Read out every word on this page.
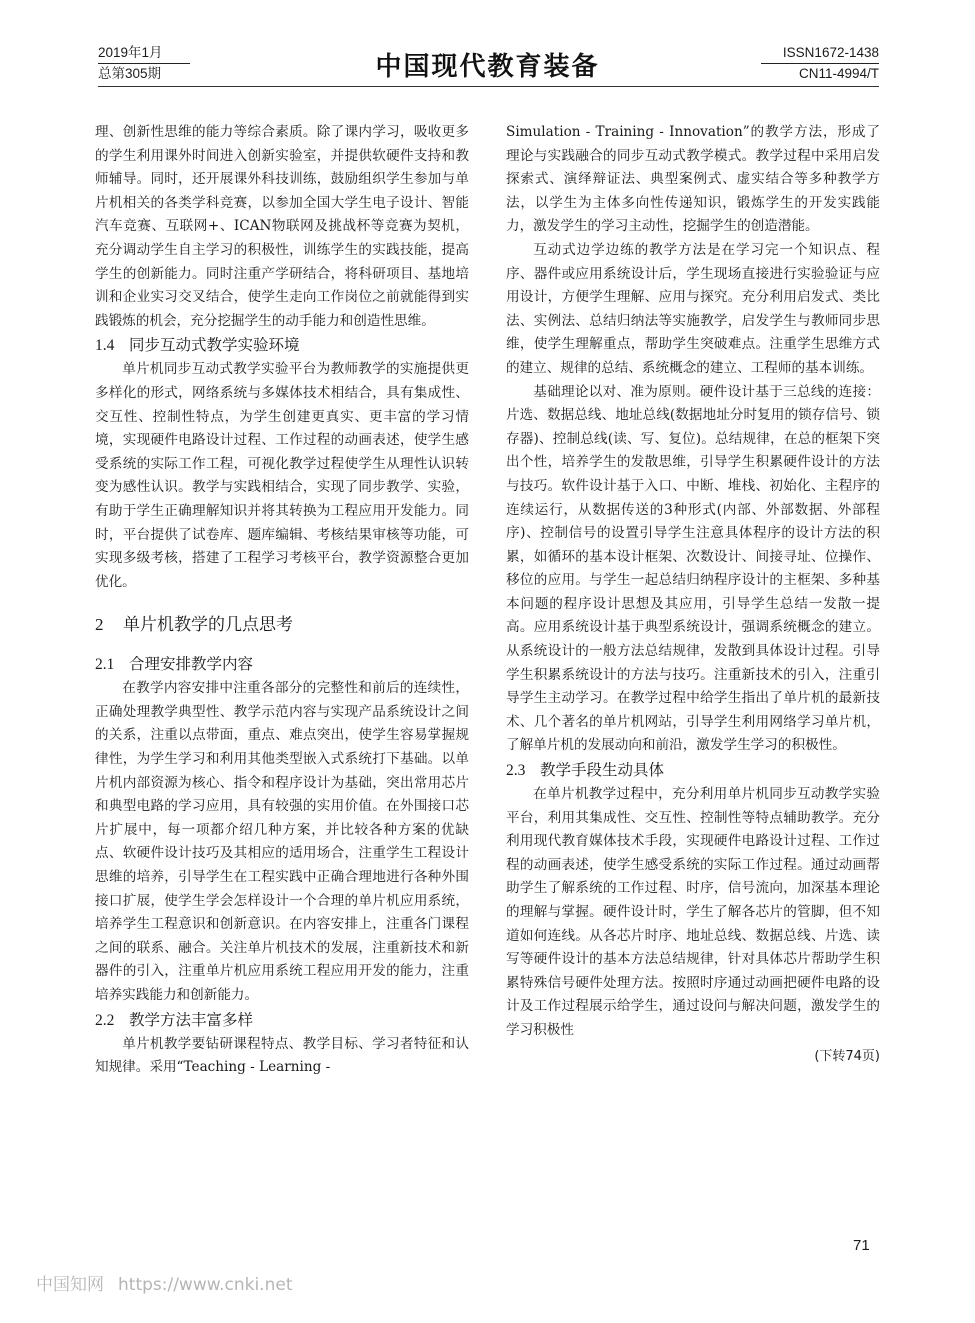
2019年1月
总第305期	中国现代教育装备	ISSN1672-1438
CN11-4994/T

理、创新性思维的能力等综合素质。除了课内学习，吸收更多的学生利用课外时间进入创新实验室，并提供软硬件支持和教师辅导。同时，还开展课外科技训练，鼓励组织学生参加与单片机相关的各类学科竞赛，以参加全国大学生电子设计、智能汽车竞赛、互联网+、ICAN物联网及挑战杯等竞赛为契机，充分调动学生自主学习的积极性，训练学生的实践技能，提高学生的创新能力。同时注重产学研结合，将科研项目、基地培训和企业实习交叉结合，使学生走向工作岗位之前就能得到实践锻炼的机会，充分挖掘学生的动手能力和创造性思维。

1.4 同步互动式教学实验环境

单片机同步互动式教学实验平台为教师教学的实施提供更多样化的形式，网络系统与多媒体技术相结合，具有集成性、交互性、控制性特点，为学生创建更真实、更丰富的学习情境，实现硬件电路设计过程、工作过程的动画表述，使学生感受系统的实际工作工程，可视化教学过程使学生从理性认识转变为感性认识。教学与实践相结合，实现了同步教学、实验，有助于学生正确理解知识并将其转换为工程应用开发能力。同时，平台提供了试卷库、题库编辑、考核结果审核等功能，可实现多级考核，搭建了工程学习考核平台，教学资源整合更加优化。

2 单片机教学的几点思考
2.1 合理安排教学内容

在教学内容安排中注重各部分的完整性和前后的连续性，正确处理教学典型性、教学示范内容与实现产品系统设计之间的关系，注重以点带面，重点、难点突出，使学生容易掌握规律性，为学生学习和利用其他类型嵌入式系统打下基础。以单片机内部资源为核心、指令和程序设计为基础，突出常用芯片和典型电路的学习应用，具有较强的实用价值。在外围接口芯片扩展中，每一项都介绍几种方案，并比较各种方案的优缺点、软硬件设计技巧及其相应的适用场合，注重学生工程设计思维的培养，引导学生在工程实践中正确合理地进行各种外围接口扩展，使学生学会怎样设计一个合理的单片机应用系统，培养学生工程意识和创新意识。在内容安排上，注重各门课程之间的联系、融合。关注单片机技术的发展，注重新技术和新器件的引入，注重单片机应用系统工程应用开发的能力，注重培养实践能力和创新能力。

2.2 教学方法丰富多样

单片机教学要钻研课程特点、教学目标、学习者特征和认知规律。采用“Teaching - Learning -

Simulation - Training - Innovation”的教学方法，形成了理论与实践融合的同步互动式教学模式。教学过程中采用启发探索式、演绎辩证法、典型案例式、虚实结合等多种教学方法，以学生为主体多向性传递知识，锻炼学生的开发实践能力，激发学生的学习主动性，挖掘学生的创造潜能。

互动式边学边练的教学方法是在学习完一个知识点、程序、器件或应用系统设计后，学生现场直接进行实验验证与应用设计，方便学生理解、应用与探究。充分利用启发式、类比法、实例法、总结归纳法等实施教学，启发学生与教师同步思维，使学生理解重点，帮助学生突破难点。注重学生思维方式的建立、规律的总结、系统概念的建立、工程师的基本训练。

基础理论以对、准为原则。硬件设计基于三总线的连接：片选、数据总线、地址总线(数据地址分时复用的锁存信号、锁存器)、控制总线(读、写、复位)。总结规律，在总的框架下突出个性，培养学生的发散思维，引导学生积累硬件设计的方法与技巧。软件设计基于入口、中断、堆栈、初始化、主程序的连续运行，从数据传送的3种形式(内部、外部数据、外部程序)、控制信号的设置引导学生注意具体程序的设计方法的积累，如循环的基本设计框架、次数设计、间接寻址、位操作、移位的应用。与学生一起总结归纳程序设计的主框架、多种基本问题的程序设计思想及其应用，引导学生总结一发散一提高。应用系统设计基于典型系统设计，强调系统概念的建立。从系统设计的一般方法总结规律，发散到具体设计过程。引导学生积累系统设计的方法与技巧。注重新技术的引入，注重引导学生主动学习。在教学过程中给学生指出了单片机的最新技术、几个著名的单片机网站，引导学生利用网络学习单片机，了解单片机的发展动向和前沿，激发学生学习的积极性。

2.3 教学手段生动具体

在单片机教学过程中，充分利用单片机同步互动教学实验平台，利用其集成性、交互性、控制性等特点辅助教学。充分利用现代教育媒体技术手段，实现硬件电路设计过程、工作过程的动画表述，使学生感受系统的实际工作过程。通过动画帮助学生了解系统的工作过程、时序，信号流向，加深基本理论的理解与掌握。硬件设计时，学生了解各芯片的管脚，但不知道如何连线。从各芯片时序、地址总线、数据总线、片选、读写等硬件设计的基本方法总结规律，针对具体芯片帮助学生积累特殊信号硬件处理方法。按照时序通过动画把硬件电路的设计及工作过程展示给学生，通过设问与解决问题，激发学生的学习积极性

(下转74页)
71
中国知网 https://www.cnki.net
